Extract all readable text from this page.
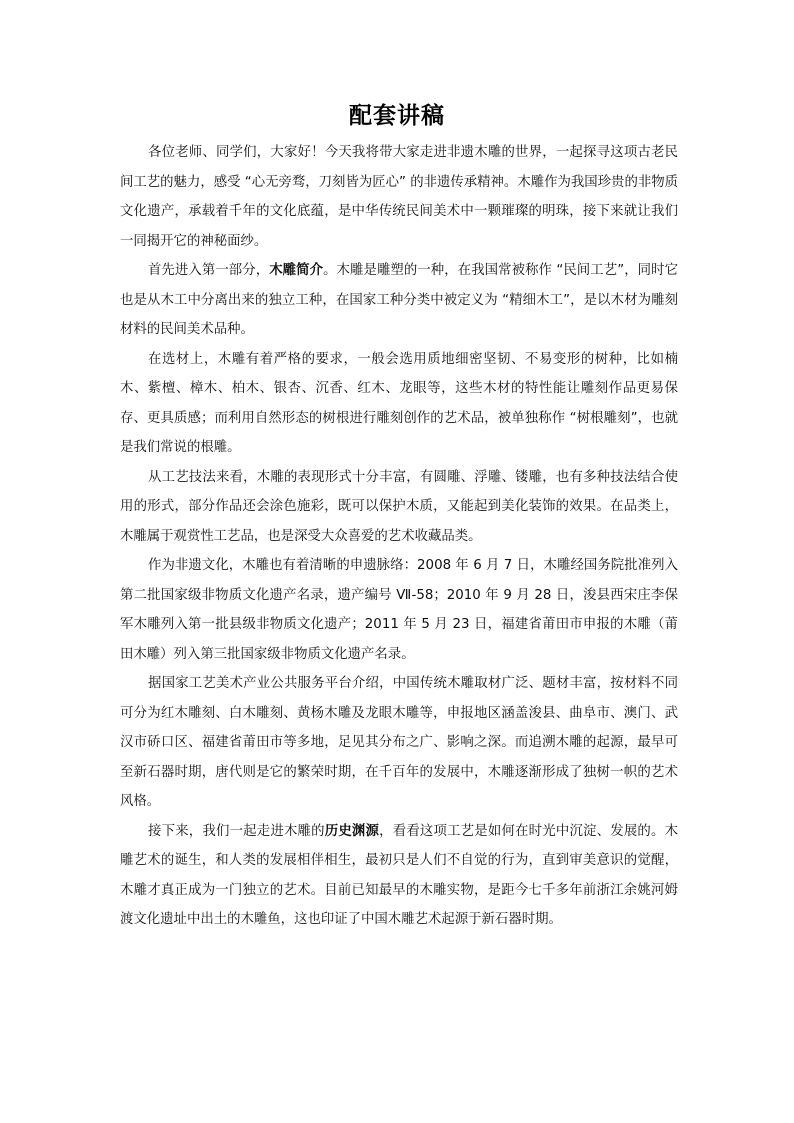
配套讲稿

各位老师、同学们，大家好！今天我将带大家走进非遗木雕的世界，一起探寻这项古老民间工艺的魅力，感受 “心无旁骛，刀刻皆为匠心” 的非遗传承精神。木雕作为我国珍贵的非物质文化遗产，承载着千年的文化底蕴，是中华传统民间美术中一颗璀璨的明珠，接下来就让我们一同揭开它的神秘面纱。

首先进入第一部分，木雕简介。木雕是雕塑的一种，在我国常被称作 “民间工艺”，同时它也是从木工中分离出来的独立工种，在国家工种分类中被定义为 “精细木工”，是以木材为雕刻材料的民间美术品种。

在选材上，木雕有着严格的要求，一般会选用质地细密坚韧、不易变形的树种，比如楠木、紫檀、樟木、柏木、银杏、沉香、红木、龙眼等，这些木材的特性能让雕刻作品更易保存、更具质感；而利用自然形态的树根进行雕刻创作的艺术品，被单独称作 “树根雕刻”，也就是我们常说的根雕。

从工艺技法来看，木雕的表现形式十分丰富，有圆雕、浮雕、镂雕，也有多种技法结合使用的形式，部分作品还会涂色施彩，既可以保护木质，又能起到美化装饰的效果。在品类上，木雕属于观赏性工艺品，也是深受大众喜爱的艺术收藏品类。

作为非遗文化，木雕也有着清晰的申遗脉络：2008 年 6 月 7 日，木雕经国务院批准列入第二批国家级非物质文化遗产名录，遗产编号 Ⅶ-58；2010 年 9 月 28 日，浚县西宋庄李保军木雕列入第一批县级非物质文化遗产；2011 年 5 月 23 日，福建省莆田市申报的木雕（莆田木雕）列入第三批国家级非物质文化遗产名录。

据国家工艺美术产业公共服务平台介绍，中国传统木雕取材广泛、题材丰富，按材料不同可分为红木雕刻、白木雕刻、黄杨木雕及龙眼木雕等，申报地区涵盖浚县、曲阜市、澳门、武汉市硚口区、福建省莆田市等多地，足见其分布之广、影响之深。而追溯木雕的起源，最早可至新石器时期，唐代则是它的繁荣时期，在千百年的发展中，木雕逐渐形成了独树一帜的艺术风格。

接下来，我们一起走进木雕的历史渊源，看看这项工艺是如何在时光中沉淀、发展的。木雕艺术的诞生，和人类的发展相伴相生，最初只是人们不自觉的行为，直到审美意识的觉醒，木雕才真正成为一门独立的艺术。目前已知最早的木雕实物，是距今七千多年前浙江余姚河姆渡文化遗址中出土的木雕鱼，这也印证了中国木雕艺术起源于新石器时期。
